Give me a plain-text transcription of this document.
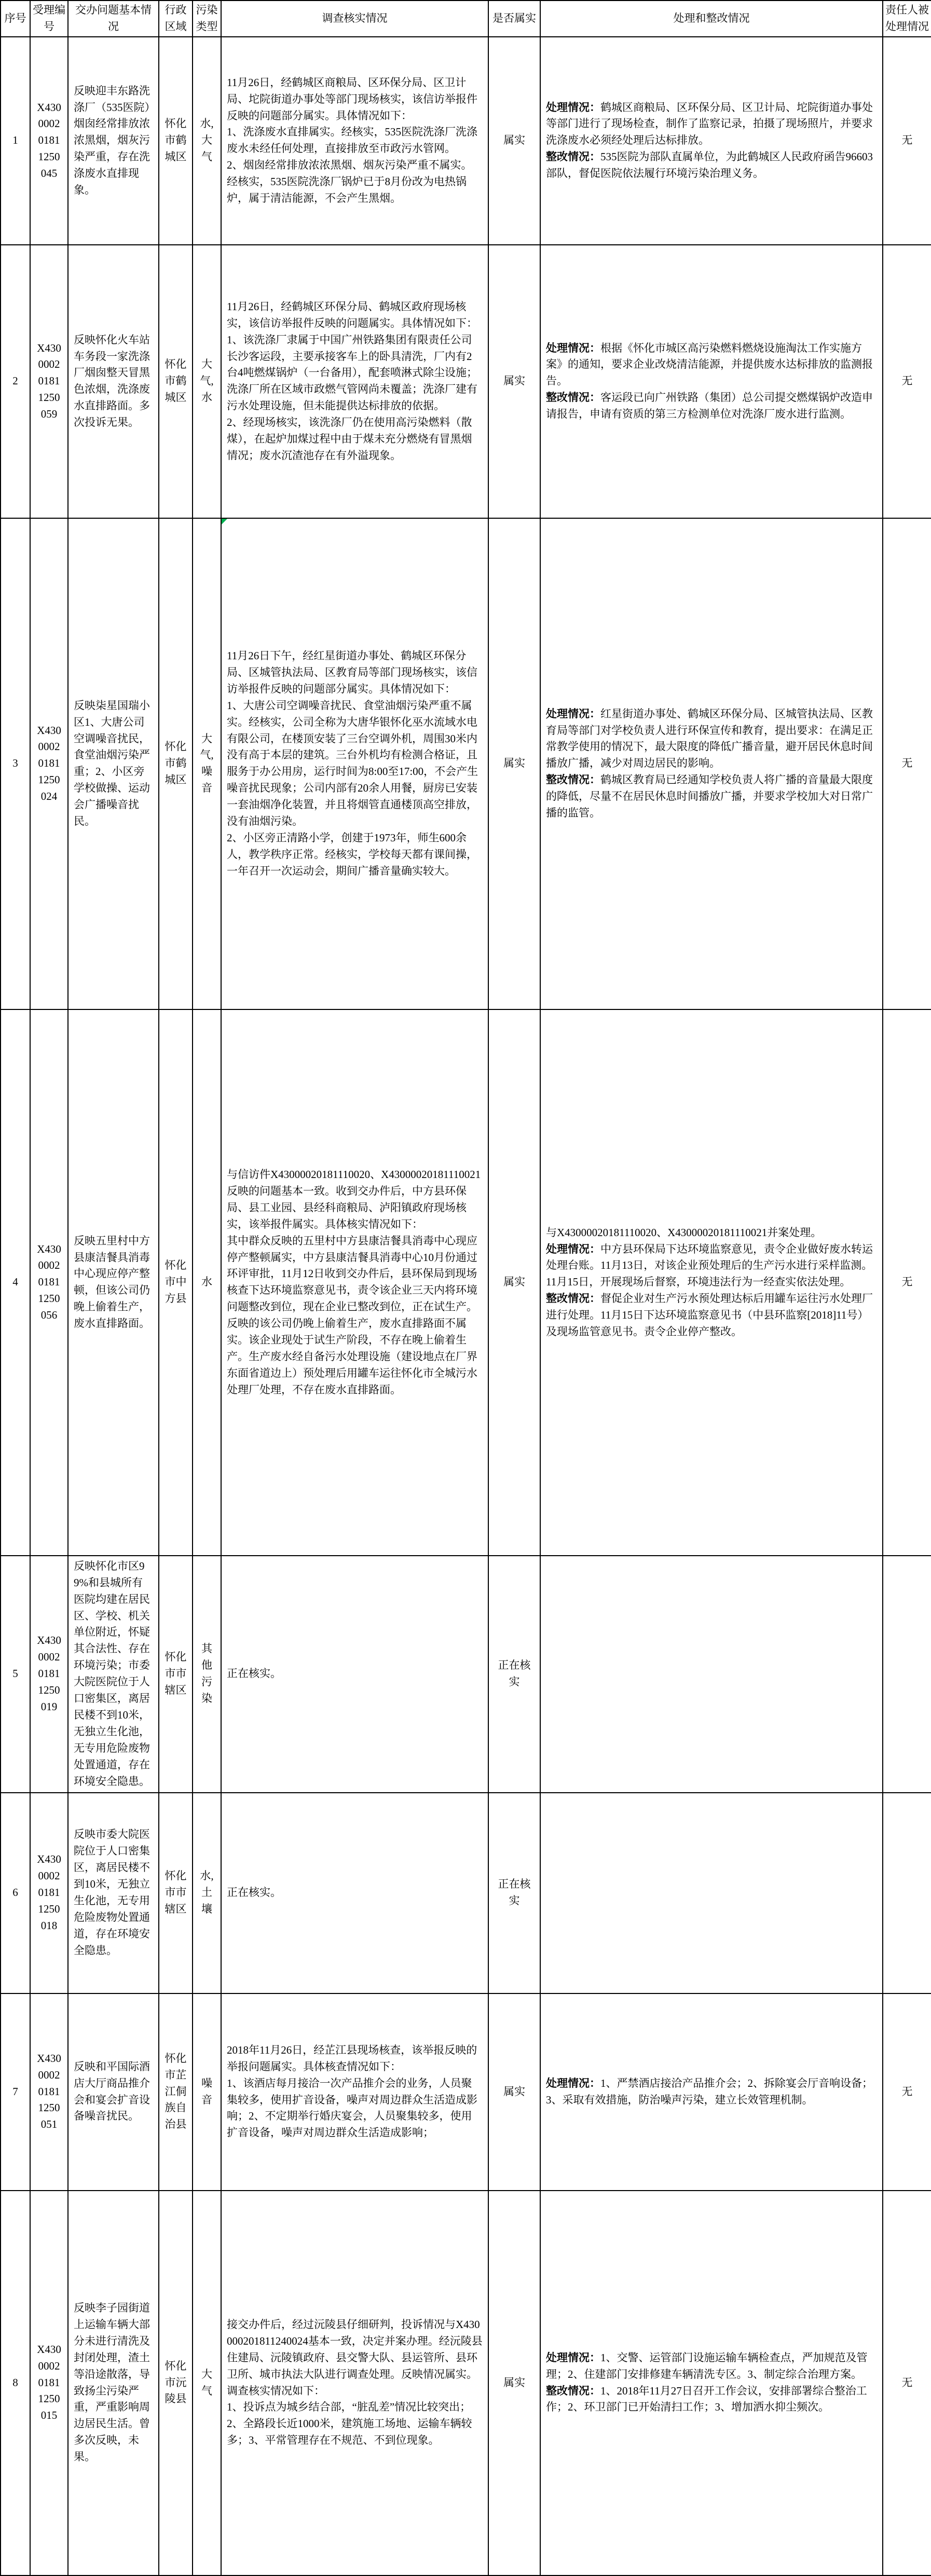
序号	受理编号	交办问题基本情况	行政区域	污染类型	调查核实情况	是否属实	处理和整改情况	责任人被处理情况
1	X430000201811250045	反映迎丰东路洗涤厂（535医院）烟囱经常排放浓浓黑烟，烟灰污染严重，存在洗涤废水直排现象。	怀化市鹤城区	水,大气	11月26日，经鹤城区商粮局、区环保分局、区卫计局、坨院街道办事处等部门现场核实，该信访举报件反映的问题部分属实。具体情况如下：
1、洗涤废水直排属实。经核实，535医院洗涤厂洗涤废水未经任何处理，直接排放至市政污水管网。
2、烟囱经常排放浓浓黑烟、烟灰污染严重不属实。经核实，535医院洗涤厂锅炉已于8月份改为电热锅炉，属于清洁能源，不会产生黑烟。	属实	处理情况：鹤城区商粮局、区环保分局、区卫计局、坨院街道办事处等部门进行了现场检查，制作了监察记录，拍摄了现场照片，并要求洗涤废水必须经处理后达标排放。
整改情况：535医院为部队直属单位，为此鹤城区人民政府函告96603部队，督促医院依法履行环境污染治理义务。	无
2	X430000201811250059	反映怀化火车站车务段一家洗涤厂烟囱整天冒黑色浓烟，洗涤废水直排路面。多次投诉无果。	怀化市鹤城区	大气,水	11月26日，经鹤城区环保分局、鹤城区政府现场核实，该信访举报件反映的问题属实。具体情况如下：
1、该洗涤厂隶属于中国广州铁路集团有限责任公司长沙客运段，主要承接客车上的卧具清洗，厂内有2台4吨燃煤锅炉（一台备用），配套喷淋式除尘设施；洗涤厂所在区域市政燃气管网尚未覆盖；洗涤厂建有污水处理设施，但未能提供达标排放的依据。
2、经现场核实，该洗涤厂仍在使用高污染燃料（散煤），在起炉加煤过程中由于煤未充分燃烧有冒黑烟情况；废水沉渣池存在有外溢现象。	属实	处理情况：根据《怀化市城区高污染燃料燃烧设施淘汰工作实施方案》的通知，要求企业改烧清洁能源，并提供废水达标排放的监测报告。
整改情况：客运段已向广州铁路（集团）总公司提交燃煤锅炉改造申请报告，申请有资质的第三方检测单位对洗涤厂废水进行监测。	无
3	X430000201811250024	反映柒星国瑞小区1、大唐公司空调噪音扰民，食堂油烟污染严重；2、小区旁学校做操、运动会广播噪音扰民。	怀化市鹤城区	大气,噪音	11月26日下午，经红星街道办事处、鹤城区环保分局、区城管执法局、区教育局等部门现场核实，该信访举报件反映的问题部分属实。具体情况如下：
1、大唐公司空调噪音扰民、食堂油烟污染严重不属实。经核实，公司全称为大唐华银怀化巫水流域水电有限公司，在楼顶安装了三台空调外机，周围30米内没有高于本层的建筑。三台外机均有检测合格证，且服务于办公用房，运行时间为8:00至17:00，不会产生噪音扰民现象；公司内部有20余人用餐，厨房已安装一套油烟净化装置，并且将烟管直通楼顶高空排放，没有油烟污染。
2、小区旁正清路小学，创建于1973年，师生600余人，教学秩序正常。经核实，学校每天都有课间操，一年召开一次运动会，期间广播音量确实较大。	属实	处理情况：红星街道办事处、鹤城区环保分局、区城管执法局、区教育局等部门对学校负责人进行环保宣传和教育，提出要求：在满足正常教学使用的情况下，最大限度的降低广播音量，避开居民休息时间播放广播，减少对周边居民的影响。
整改情况：鹤城区教育局已经通知学校负责人将广播的音量最大限度的降低，尽量不在居民休息时间播放广播，并要求学校加大对日常广播的监管。	无
4	X430000201811250056	反映五里村中方县康洁餐具消毒中心现应停产整顿，但该公司仍晚上偷着生产，废水直排路面。	怀化市中方县	水	与信访件X43000020181110020、X43000020181110021反映的问题基本一致。收到交办件后，中方县环保局、县工业园、县经科商粮局、泸阳镇政府现场核实，该举报件属实。具体核实情况如下：
其中群众反映的五里村中方县康洁餐具消毒中心现应停产整顿属实，中方县康洁餐具消毒中心10月份通过环评审批，11月12日收到交办件后，县环保局到现场核查下达环境监察意见书，责令该企业三天内将环境问题整改到位，现在企业已整改到位，正在试生产。反映的该公司仍晚上偷着生产，废水直排路面不属实。该企业现处于试生产阶段，不存在晚上偷着生产。生产废水经自备污水处理设施（建设地点在厂界东面省道边上）预处理后用罐车运往怀化市全城污水处理厂处理，不存在废水直排路面。	属实	与X43000020181110020、X43000020181110021并案处理。
处理情况：中方县环保局下达环境监察意见，责令企业做好废水转运处理台账。11月13日，对该企业预处理后的生产污水进行采样监测。11月15日，开展现场后督察，环境违法行为一经查实依法处理。
整改情况：督促企业对生产污水预处理达标后用罐车运往污水处理厂进行处理。11月15日下达环境监察意见书（中县环监察[2018]11号）及现场监管意见书。责令企业停产整改。	无
5	X430000201811250019	反映怀化市区99%和县城所有医院均建在居民区、学校、机关单位附近，怀疑其合法性、存在环境污染；市委大院医院位于人口密集区，离居民楼不到10米，无独立生化池，无专用危险废物处置通道，存在环境安全隐患。	怀化市市辖区	其他污染	正在核实。	正在核实		
6	X430000201811250018	反映市委大院医院位于人口密集区，离居民楼不到10米，无独立生化池，无专用危险废物处置通道，存在环境安全隐患。	怀化市市辖区	水,土壤	正在核实。	正在核实		
7	X430000201811250051	反映和平国际酒店大厅商品推介会和宴会扩音设备噪音扰民。	怀化市芷江侗族自治县	噪音	2018年11月26日，经芷江县现场核查，该举报反映的举报问题属实。具体核查情况如下：
1、该酒店每月接洽一次产品推介会的业务，人员聚集较多，使用扩音设备，噪声对周边群众生活造成影响；2、不定期举行婚庆宴会，人员聚集较多，使用扩音设备，噪声对周边群众生活造成影响；	属实	处理情况：1、严禁酒店接洽产品推介会；2、拆除宴会厅音响设备；3、采取有效措施，防治噪声污染，建立长效管理机制。	无
8	X430000201811250015	反映李子园街道上运输车辆大部分未进行清洗及封闭处理，渣土等沿途散落，导致扬尘污染严重，严重影响周边居民生活。曾多次反映，未果。	怀化市沅陵县	大气	接交办件后，经过沅陵县仔细研判，投诉情况与X430000201811240024基本一致，决定并案办理。经沅陵县住建局、沅陵镇政府、县交警大队、县运管所、县环卫所、城市执法大队进行调查处理。反映情况属实。调查核实情况如下：
1、投诉点为城乡结合部，“脏乱差”情况比较突出；2、全路段长近1000米，建筑施工场地、运输车辆较多；3、平常管理存在不规范、不到位现象。	属实	处理情况：1、交警、运管部门设施运输车辆检查点，严加规范及管理；2、住建部门安排修建车辆清洗专区。3、制定综合治理方案。
整改情况：1、2018年11月27日召开工作会议，安排部署综合整治工作；2、环卫部门已开始清扫工作；3、增加洒水抑尘频次。	无
